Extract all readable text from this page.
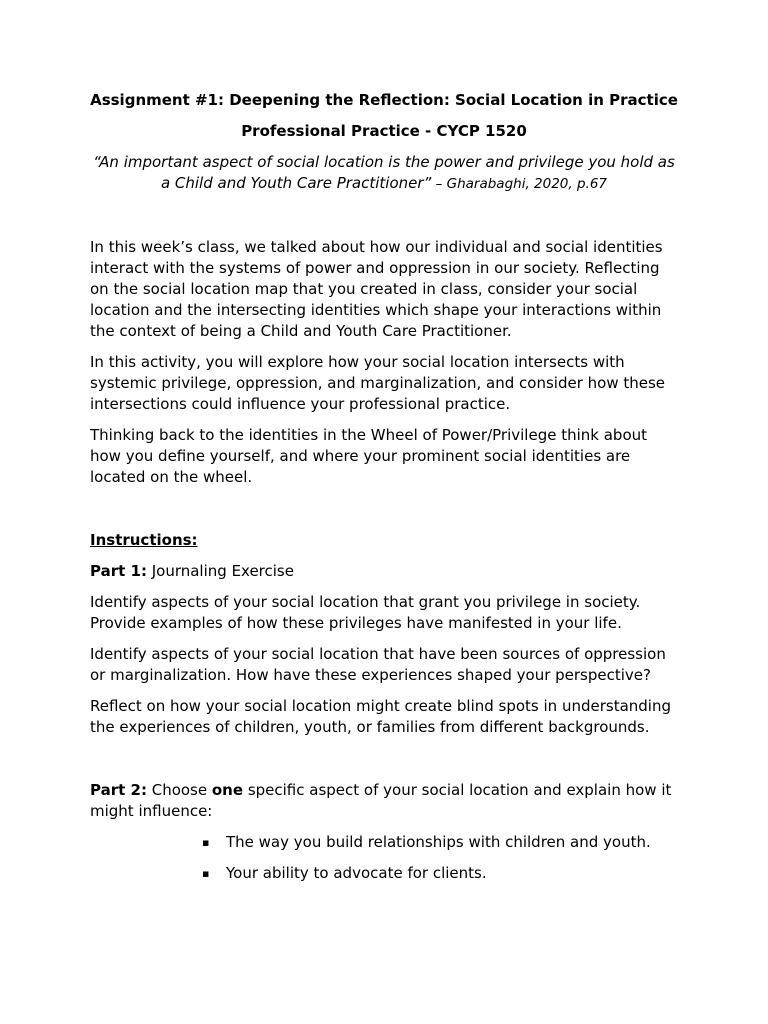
Assignment #1: Deepening the Reflection: Social Location in Practice
Professional Practice - CYCP 1520

“An important aspect of social location is the power and privilege you hold as a Child and Youth Care Practitioner” – Gharabaghi, 2020, p.67

In this week’s class, we talked about how our individual and social identities interact with the systems of power and oppression in our society. Reflecting on the social location map that you created in class, consider your social location and the intersecting identities which shape your interactions within the context of being a Child and Youth Care Practitioner.

In this activity, you will explore how your social location intersects with systemic privilege, oppression, and marginalization, and consider how these intersections could influence your professional practice.

Thinking back to the identities in the Wheel of Power/Privilege think about how you define yourself, and where your prominent social identities are located on the wheel.

Instructions:

Part 1: Journaling Exercise

Identify aspects of your social location that grant you privilege in society. Provide examples of how these privileges have manifested in your life.

Identify aspects of your social location that have been sources of oppression or marginalization. How have these experiences shaped your perspective?

Reflect on how your social location might create blind spots in understanding the experiences of children, youth, or families from different backgrounds.

Part 2: Choose one specific aspect of your social location and explain how it might influence:

▪ The way you build relationships with children and youth.
▪ Your ability to advocate for clients.
